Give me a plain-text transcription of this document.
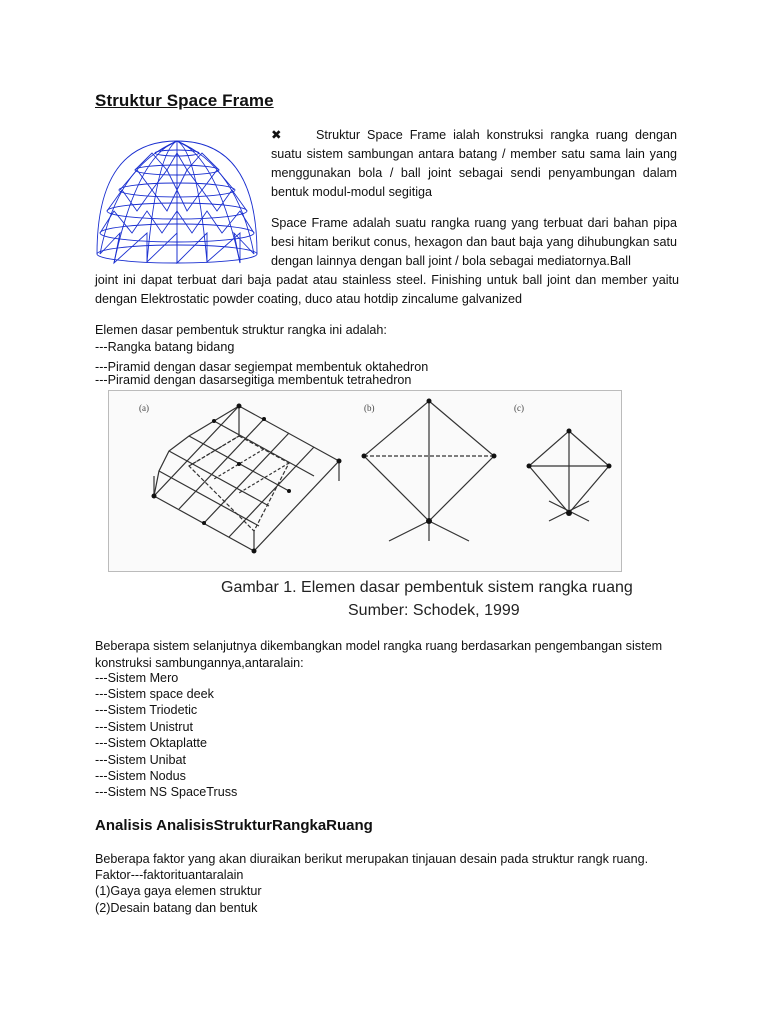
Struktur Space Frame
✖	Struktur Space Frame ialah konstruksi rangka ruang dengan suatu sistem sambungan antara batang / member satu sama lain yang menggunakan bola / ball joint sebagai sendi penyambungan dalam bentuk modul-modul segitiga
Space Frame adalah suatu rangka ruang yang terbuat dari bahan pipa besi hitam berikut conus, hexagon dan baut baja yang dihubungkan satu dengan lainnya dengan ball joint / bola sebagai mediatornya.Ball
joint ini dapat terbuat dari baja padat atau stainless steel. Finishing untuk ball joint dan member yaitu dengan Elektrostatic powder coating, duco atau hotdip zincalume galvanized
Elemen dasar pembentuk struktur rangka ini adalah:
---Rangka batang bidang
---Piramid dengan dasar segiempat membentuk oktahedron
---Piramid dengan dasarsegitiga membentuk tetrahedron
(a)	(b)	(c)
Gambar 1. Elemen dasar pembentuk sistem rangka ruang
Sumber: Schodek, 1999
Beberapa sistem selanjutnya dikembangkan model rangka ruang berdasarkan pengembangan sistem konstruksi sambungannya,antaralain:
---Sistem Mero
---Sistem space deek
---Sistem Triodetic
---Sistem Unistrut
---Sistem Oktaplatte
---Sistem Unibat
---Sistem Nodus
---Sistem NS SpaceTruss
Analisis AnalisisStrukturRangkaRuang
Beberapa faktor yang akan diuraikan berikut merupakan tinjauan desain pada struktur rangk ruang.
Faktor---faktorituantaralain
(1)Gaya gaya elemen struktur
(2)Desain batang dan bentuk
